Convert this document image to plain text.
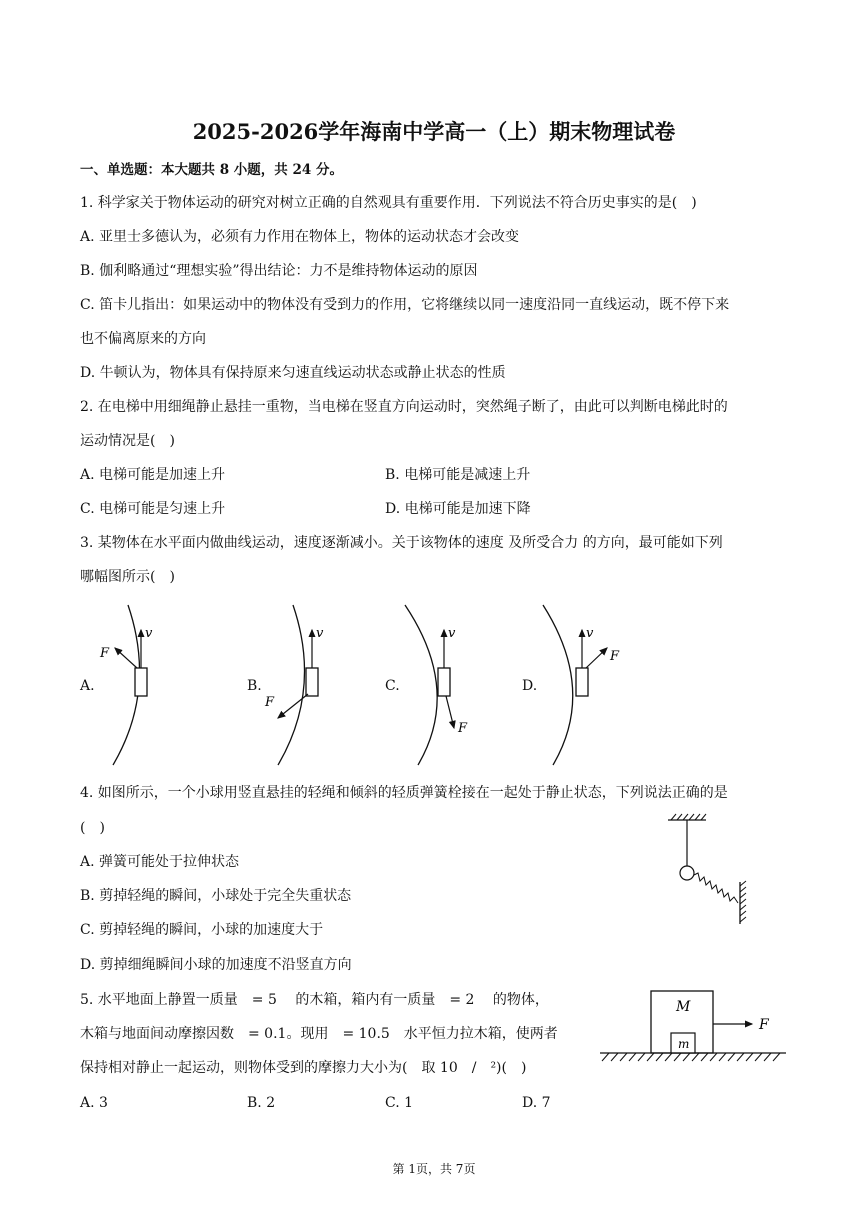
2025-2026学年海南中学高一（上）期末物理试卷
一、单选题：本大题共 8 小题，共 24 分。
1. 科学家关于物体运动的研究对树立正确的自然观具有重要作用．下列说法不符合历史事实的是(　)
A. 亚里士多德认为，必须有力作用在物体上，物体的运动状态才会改变
B. 伽利略通过“理想实验”得出结论：力不是维持物体运动的原因
C. 笛卡儿指出：如果运动中的物体没有受到力的作用，它将继续以同一速度沿同一直线运动，既不停下来
也不偏离原来的方向
D. 牛顿认为，物体具有保持原来匀速直线运动状态或静止状态的性质
2. 在电梯中用细绳静止悬挂一重物，当电梯在竖直方向运动时，突然绳子断了，由此可以判断电梯此时的
运动情况是(　)
A. 电梯可能是加速上升	B. 电梯可能是减速上升
C. 电梯可能是匀速上升	D. 电梯可能是加速下降
3. 某物体在水平面内做曲线运动，速度逐渐减小。关于该物体的速度 及所受合力 的方向，最可能如下列
哪幅图所示(　)
A.	B.	C.	D.
v
F
v
F
v
F
v
F
4. 如图所示，一个小球用竖直悬挂的轻绳和倾斜的轻质弹簧栓接在一起处于静止状态，下列说法正确的是
(　)
A. 弹簧可能处于拉伸状态
B. 剪掉轻绳的瞬间，小球处于完全失重状态
C. 剪掉轻绳的瞬间，小球的加速度大于
D. 剪掉细绳瞬间小球的加速度不沿竖直方向
5. 水平地面上静置一质量　= 5　 的木箱，箱内有一质量　= 2　 的物体，
木箱与地面间动摩擦因数　= 0.1。现用　= 10.5　水平恒力拉木箱，使两者
保持相对静止一起运动，则物体受到的摩擦力大小为(　取 10　/　²)(　)
A. 3	B. 2	C. 1	D. 7
M
m
F
第 1页，共 7页
